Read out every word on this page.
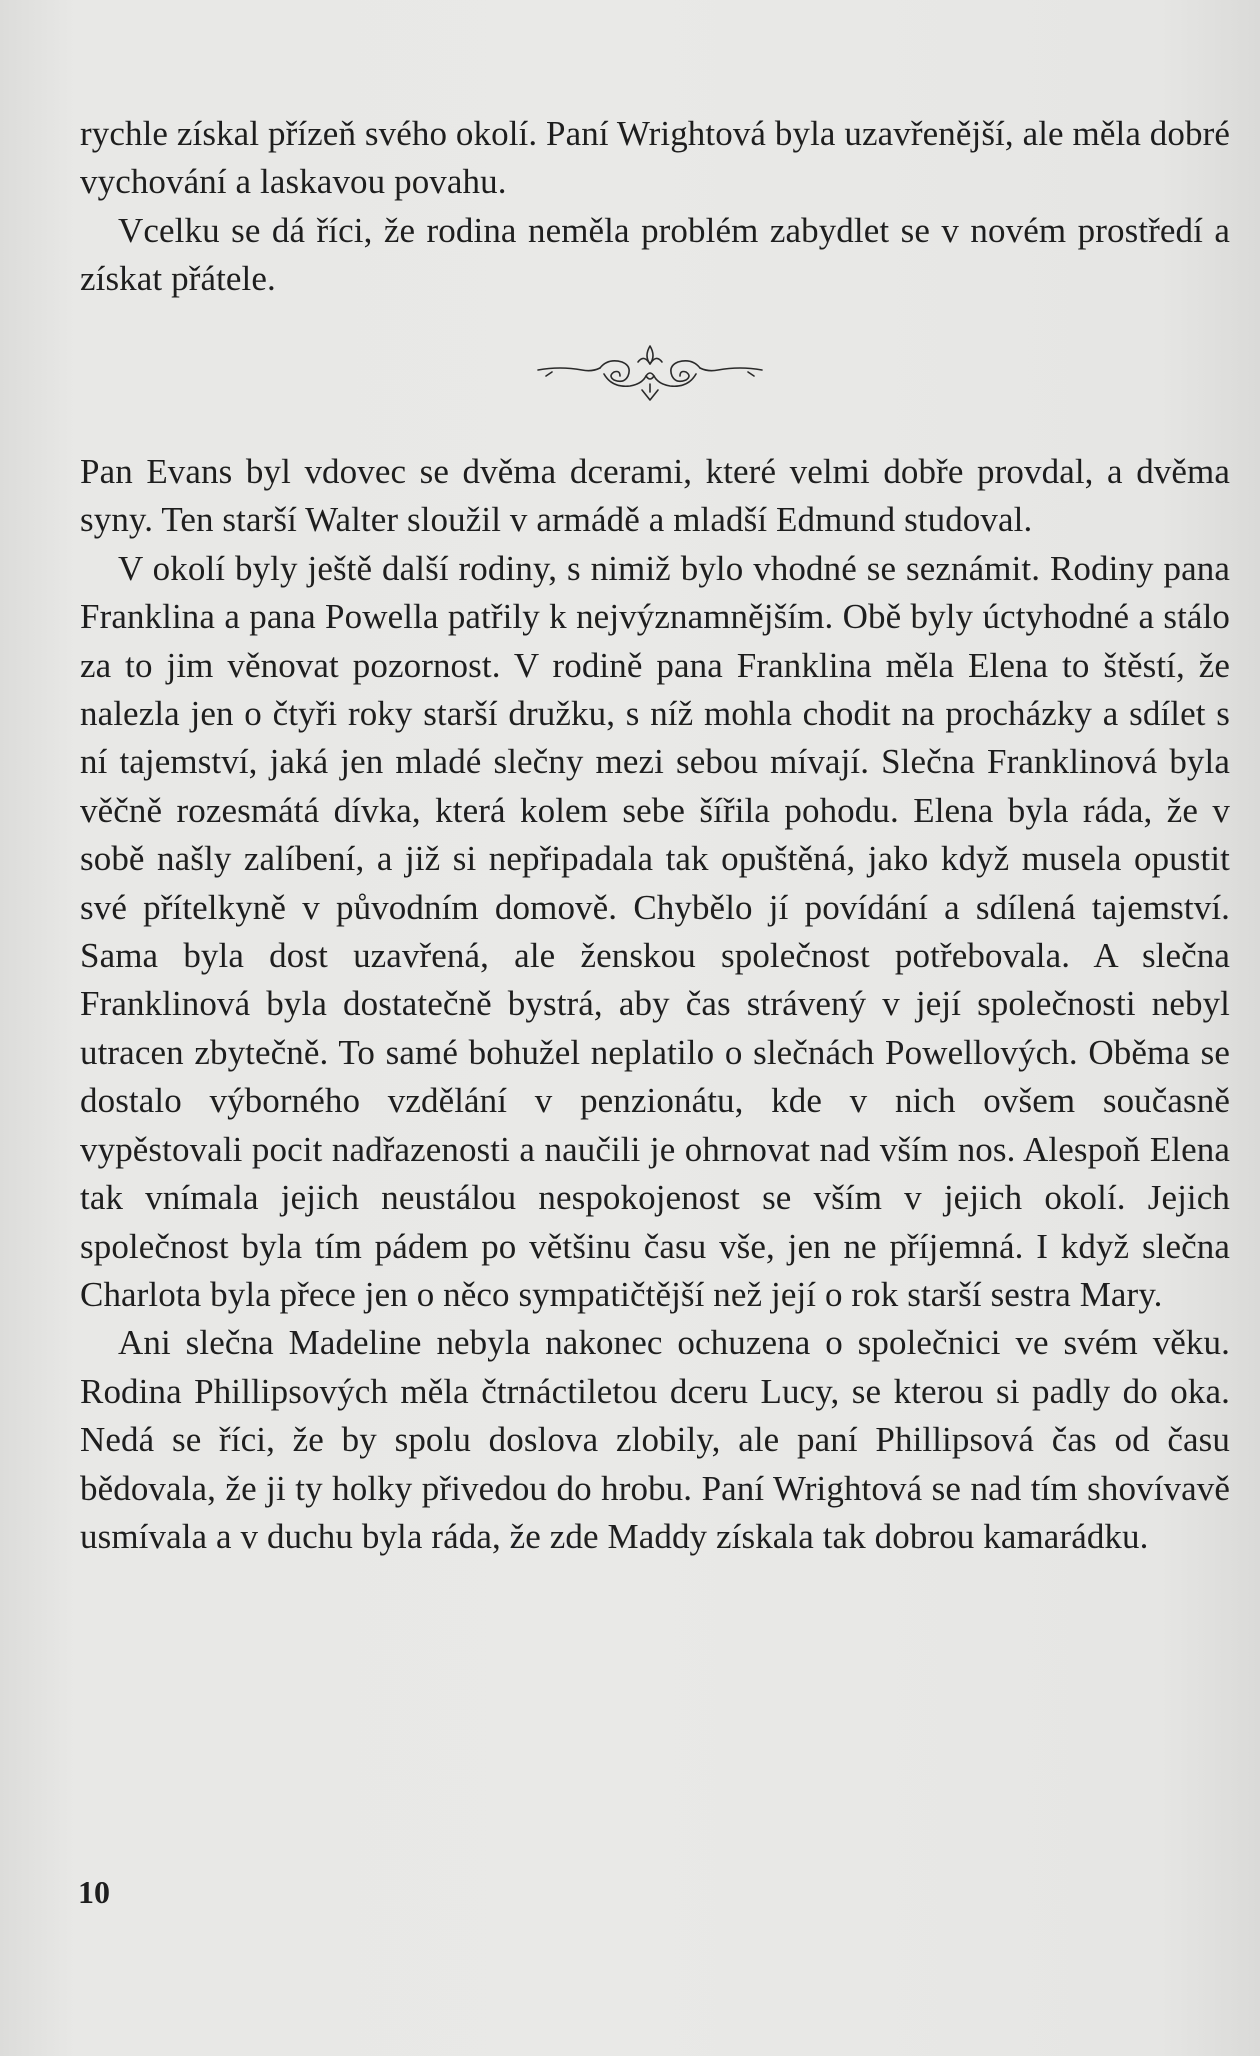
rychle získal přízeň svého okolí. Paní Wrightová byla uzavřenější, ale měla dobré vychování a laskavou povahu.

Vcelku se dá říci, že rodina neměla problém zabydlet se v novém prostředí a získat přátele.

Pan Evans byl vdovec se dvěma dcerami, které velmi dobře provdal, a dvěma syny. Ten starší Walter sloužil v armádě a mladší Edmund studoval.

V okolí byly ještě další rodiny, s nimiž bylo vhodné se seznámit. Rodiny pana Franklina a pana Powella patřily k nejvýznamnějším. Obě byly úctyhodné a stálo za to jim věnovat pozornost. V rodině pana Franklina měla Elena to štěstí, že nalezla jen o čtyři roky starší družku, s níž mohla chodit na procházky a sdílet s ní tajemství, jaká jen mladé slečny mezi sebou mívají. Slečna Franklinová byla věčně rozesmátá dívka, která kolem sebe šířila pohodu. Elena byla ráda, že v sobě našly zalíbení, a již si nepřipadala tak opuštěná, jako když musela opustit své přítelkyně v původním domově. Chybělo jí povídání a sdílená tajemství. Sama byla dost uzavřená, ale ženskou společnost potřebovala. A slečna Franklinová byla dostatečně bystrá, aby čas strávený v její společnosti nebyl utracen zbytečně. To samé bohužel neplatilo o slečnách Powellových. Oběma se dostalo výborného vzdělání v penzionátu, kde v nich ovšem současně vypěstovali pocit nadřazenosti a naučili je ohrnovat nad vším nos. Alespoň Elena tak vnímala jejich neustálou nespokojenost se vším v jejich okolí. Jejich společnost byla tím pádem po většinu času vše, jen ne příjemná. I když slečna Charlota byla přece jen o něco sympatičtější než její o rok starší sestra Mary.

Ani slečna Madeline nebyla nakonec ochuzena o společnici ve svém věku. Rodina Phillipsových měla čtrnáctiletou dceru Lucy, se kterou si padly do oka. Nedá se říci, že by spolu doslova zlobily, ale paní Phillipsová čas od času bědovala, že ji ty holky přivedou do hrobu. Paní Wrightová se nad tím shovívavě usmívala a v duchu byla ráda, že zde Maddy získala tak dobrou kamarádku.

10
